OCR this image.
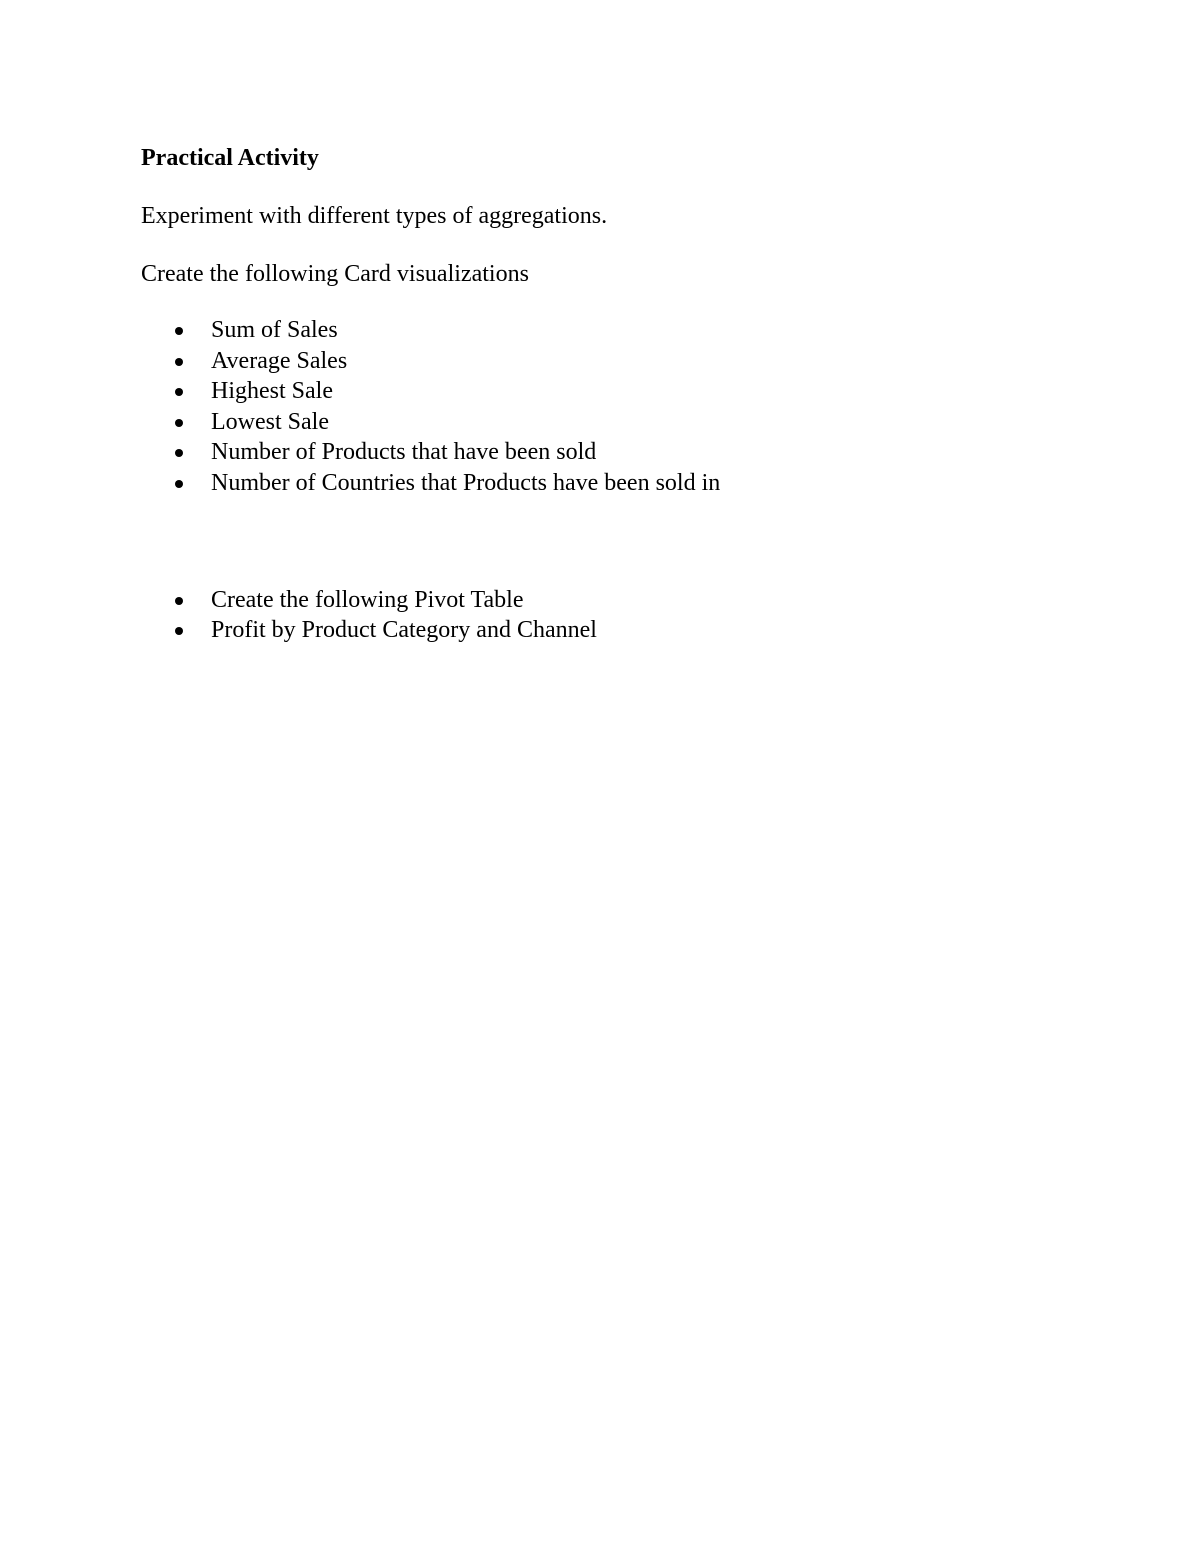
Practical Activity

Experiment with different types of aggregations.

Create the following Card visualizations

Sum of Sales
Average Sales
Highest Sale
Lowest Sale
Number of Products that have been sold
Number of Countries that Products have been sold in
Create the following Pivot Table
Profit by Product Category and Channel
